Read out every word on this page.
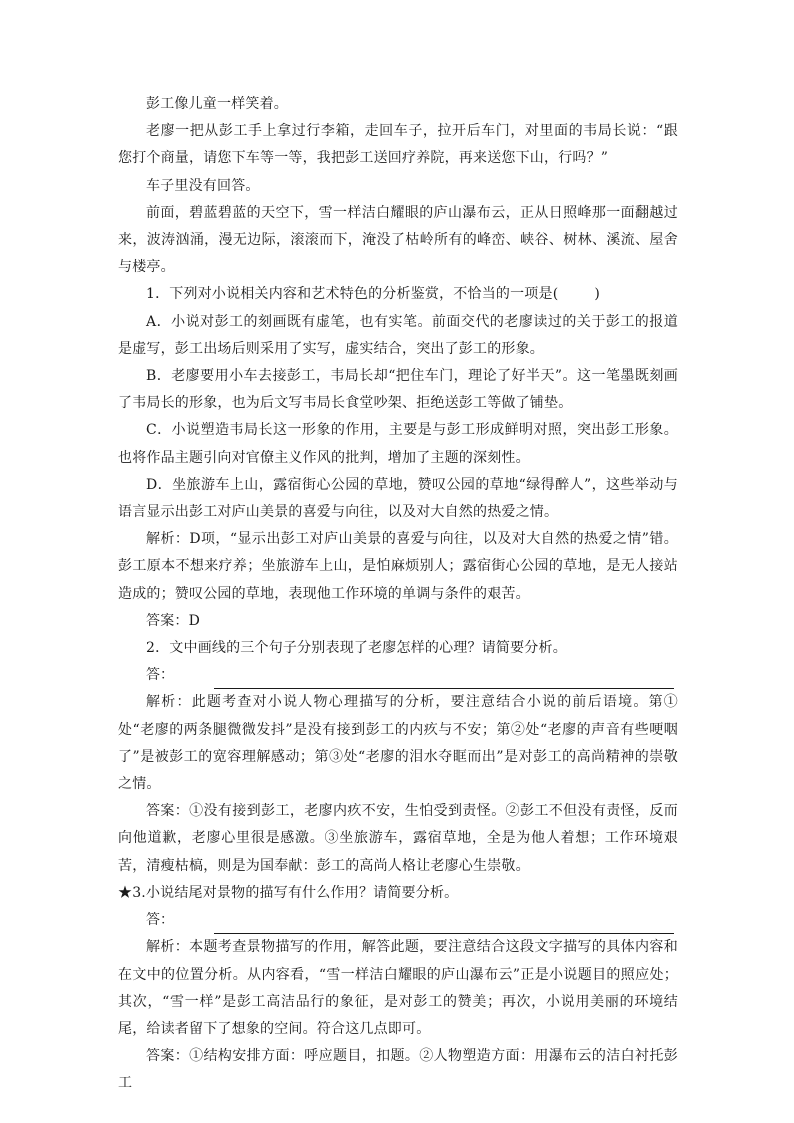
彭工像儿童一样笑着。

老廖一把从彭工手上拿过行李箱，走回车子，拉开后车门，对里面的韦局长说：“跟您打个商量，请您下车等一等，我把彭工送回疗养院，再来送您下山，行吗？”

车子里没有回答。

前面，碧蓝碧蓝的天空下，雪一样洁白耀眼的庐山瀑布云，正从日照峰那一面翻越过来，波涛汹涌，漫无边际，滚滚而下，淹没了枯岭所有的峰峦、峡谷、树林、溪流、屋舍与楼亭。

1．下列对小说相关内容和艺术特色的分析鉴赏，不恰当的一项是(	)

A．小说对彭工的刻画既有虚笔，也有实笔。前面交代的老廖读过的关于彭工的报道是虚写，彭工出场后则采用了实写，虚实结合，突出了彭工的形象。

B．老廖要用小车去接彭工，韦局长却“把住车门，理论了好半天”。这一笔墨既刻画了韦局长的形象，也为后文写韦局长食堂吵架、拒绝送彭工等做了铺垫。

C．小说塑造韦局长这一形象的作用，主要是与彭工形成鲜明对照，突出彭工形象。也将作品主题引向对官僚主义作风的批判，增加了主题的深刻性。

D．坐旅游车上山，露宿街心公园的草地，赞叹公园的草地“绿得醉人”，这些举动与语言显示出彭工对庐山美景的喜爱与向往，以及对大自然的热爱之情。

解析：D项，“显示出彭工对庐山美景的喜爱与向往，以及对大自然的热爱之情”错。彭工原本不想来疗养；坐旅游车上山，是怕麻烦别人；露宿街心公园的草地，是无人接站造成的；赞叹公园的草地，表现他工作环境的单调与条件的艰苦。

答案：D

2．文中画线的三个句子分别表现了老廖怎样的心理？请简要分析。

答：

解析：此题考查对小说人物心理描写的分析，要注意结合小说的前后语境。第①处“老廖的两条腿微微发抖”是没有接到彭工的内疚与不安；第②处“老廖的声音有些哽咽了”是被彭工的宽容理解感动；第③处“老廖的泪水夺眶而出”是对彭工的高尚精神的崇敬之情。

答案：①没有接到彭工，老廖内疚不安，生怕受到责怪。②彭工不但没有责怪，反而向他道歉，老廖心里很是感激。③坐旅游车，露宿草地，全是为他人着想；工作环境艰苦，清瘦枯槁，则是为国奉献：彭工的高尚人格让老廖心生崇敬。

★3.小说结尾对景物的描写有什么作用？请简要分析。

答：

解析：本题考查景物描写的作用，解答此题，要注意结合这段文字描写的具体内容和在文中的位置分析。从内容看，“雪一样洁白耀眼的庐山瀑布云”正是小说题目的照应处；其次，“雪一样”是彭工高洁品行的象征，是对彭工的赞美；再次，小说用美丽的环境结尾，给读者留下了想象的空间。符合这几点即可。

答案：①结构安排方面：呼应题目，扣题。②人物塑造方面：用瀑布云的洁白衬托彭工
